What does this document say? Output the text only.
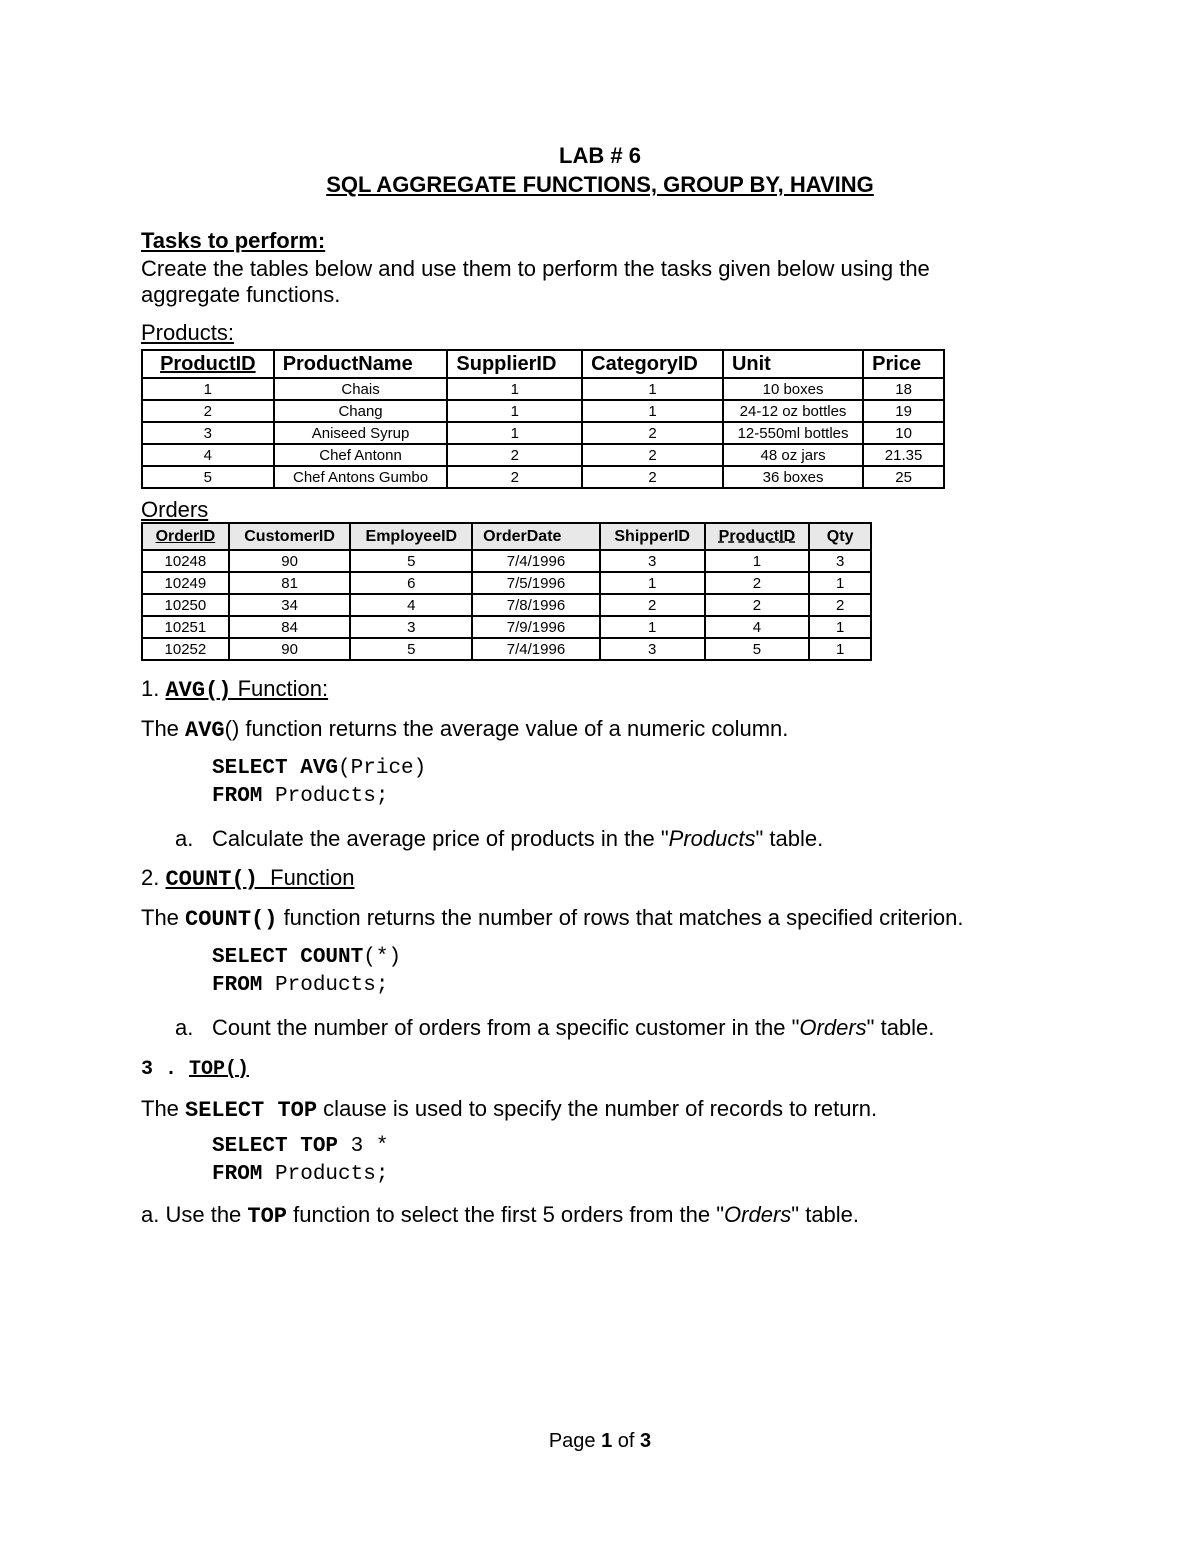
LAB # 6
SQL AGGREGATE FUNCTIONS, GROUP BY, HAVING
Tasks to perform:
Create the tables below and use them to perform the tasks given below using the aggregate functions.
Products:
ProductID	ProductName	SupplierID	CategoryID	Unit	Price
1	Chais	1	1	10 boxes	18
2	Chang	1	1	24-12 oz bottles	19
3	Aniseed Syrup	1	2	12-550ml bottles	10
4	Chef Antonn	2	2	48 oz jars	21.35
5	Chef Antons Gumbo	2	2	36 boxes	25
Orders
OrderID	CustomerID	EmployeeID	OrderDate	ShipperID	ProductID	Qty
10248	90	5	7/4/1996	3	1	3
10249	81	6	7/5/1996	1	2	1
10250	34	4	7/8/1996	2	2	2
10251	84	3	7/9/1996	1	4	1
10252	90	5	7/4/1996	3	5	1
1. AVG() Function:
The AVG() function returns the average value of a numeric column.
SELECT AVG(Price)
FROM Products;
a. Calculate the average price of products in the "Products" table.
2. COUNT()  Function
The COUNT() function returns the number of rows that matches a specified criterion.
SELECT COUNT(*)
FROM Products;
a. Count the number of orders from a specific customer in the "Orders" table.
3 . TOP()
The SELECT TOP clause is used to specify the number of records to return.
SELECT TOP 3 *
FROM Products;
a. Use the TOP function to select the first 5 orders from the "Orders" table.
Page 1 of 3
